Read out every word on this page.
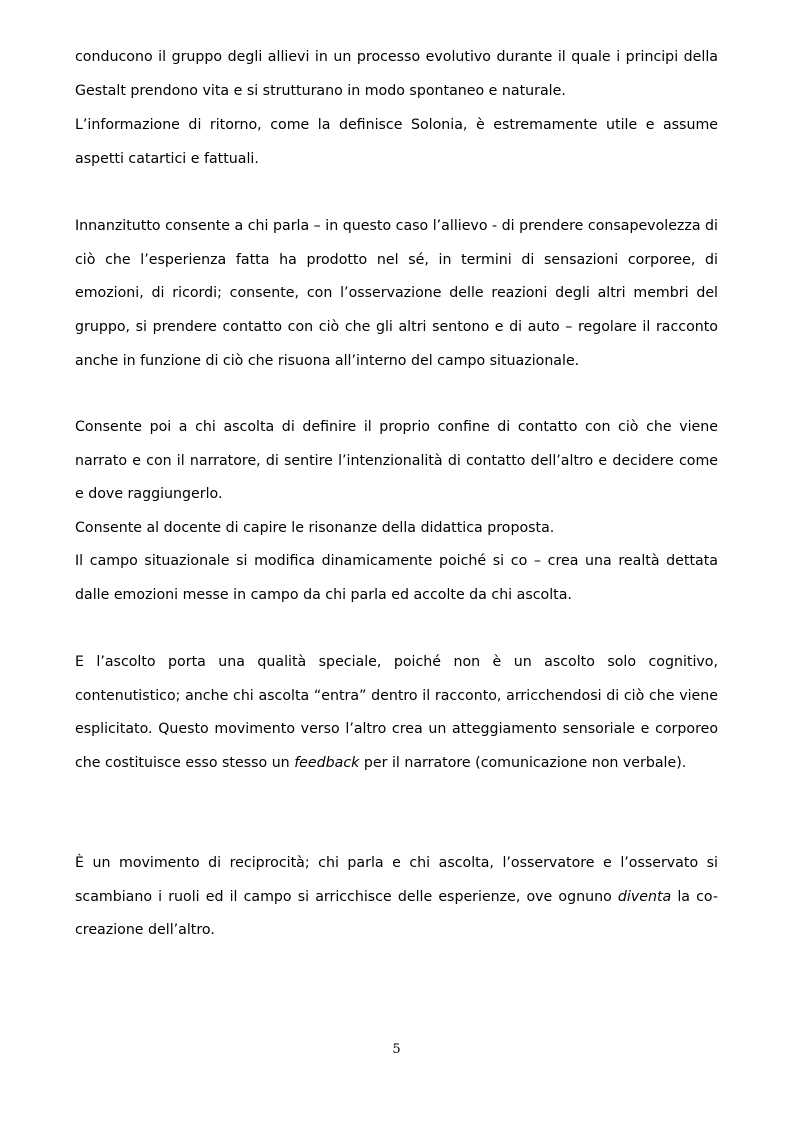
conducono il gruppo degli allievi in un processo evolutivo durante il quale i principi della Gestalt prendono vita e si strutturano in modo spontaneo e naturale.

L’informazione di ritorno, come la definisce Solonia, è estremamente utile e assume aspetti catartici e fattuali.

Innanzitutto consente a chi parla – in questo caso l’allievo - di prendere consapevolezza di ciò che l’esperienza fatta ha prodotto nel sé, in termini di sensazioni corporee, di emozioni, di ricordi; consente, con l’osservazione delle reazioni degli altri membri del gruppo, si prendere contatto con ciò che gli altri sentono e di auto – regolare il racconto anche in funzione di ciò che risuona all’interno del campo situazionale.

Consente poi a chi ascolta di definire il proprio confine di contatto con ciò che viene narrato e con il narratore, di sentire l’intenzionalità di contatto dell’altro e decidere come e dove raggiungerlo.

Consente al docente di capire le risonanze della didattica proposta.

Il campo situazionale si modifica dinamicamente poiché si co – crea una realtà dettata dalle emozioni messe in campo da chi parla ed accolte da chi ascolta.

E l’ascolto porta una qualità speciale, poiché non è un ascolto solo cognitivo, contenutistico; anche chi ascolta “entra” dentro il racconto, arricchendosi di ciò che viene esplicitato. Questo movimento verso l’altro crea un atteggiamento sensoriale e corporeo che costituisce esso stesso un feedback per il narratore (comunicazione non verbale).

È un movimento di reciprocità; chi parla e chi ascolta, l’osservatore e l’osservato si scambiano i ruoli ed il campo si arricchisce delle esperienze, ove ognuno diventa la co-creazione dell’altro.

5
